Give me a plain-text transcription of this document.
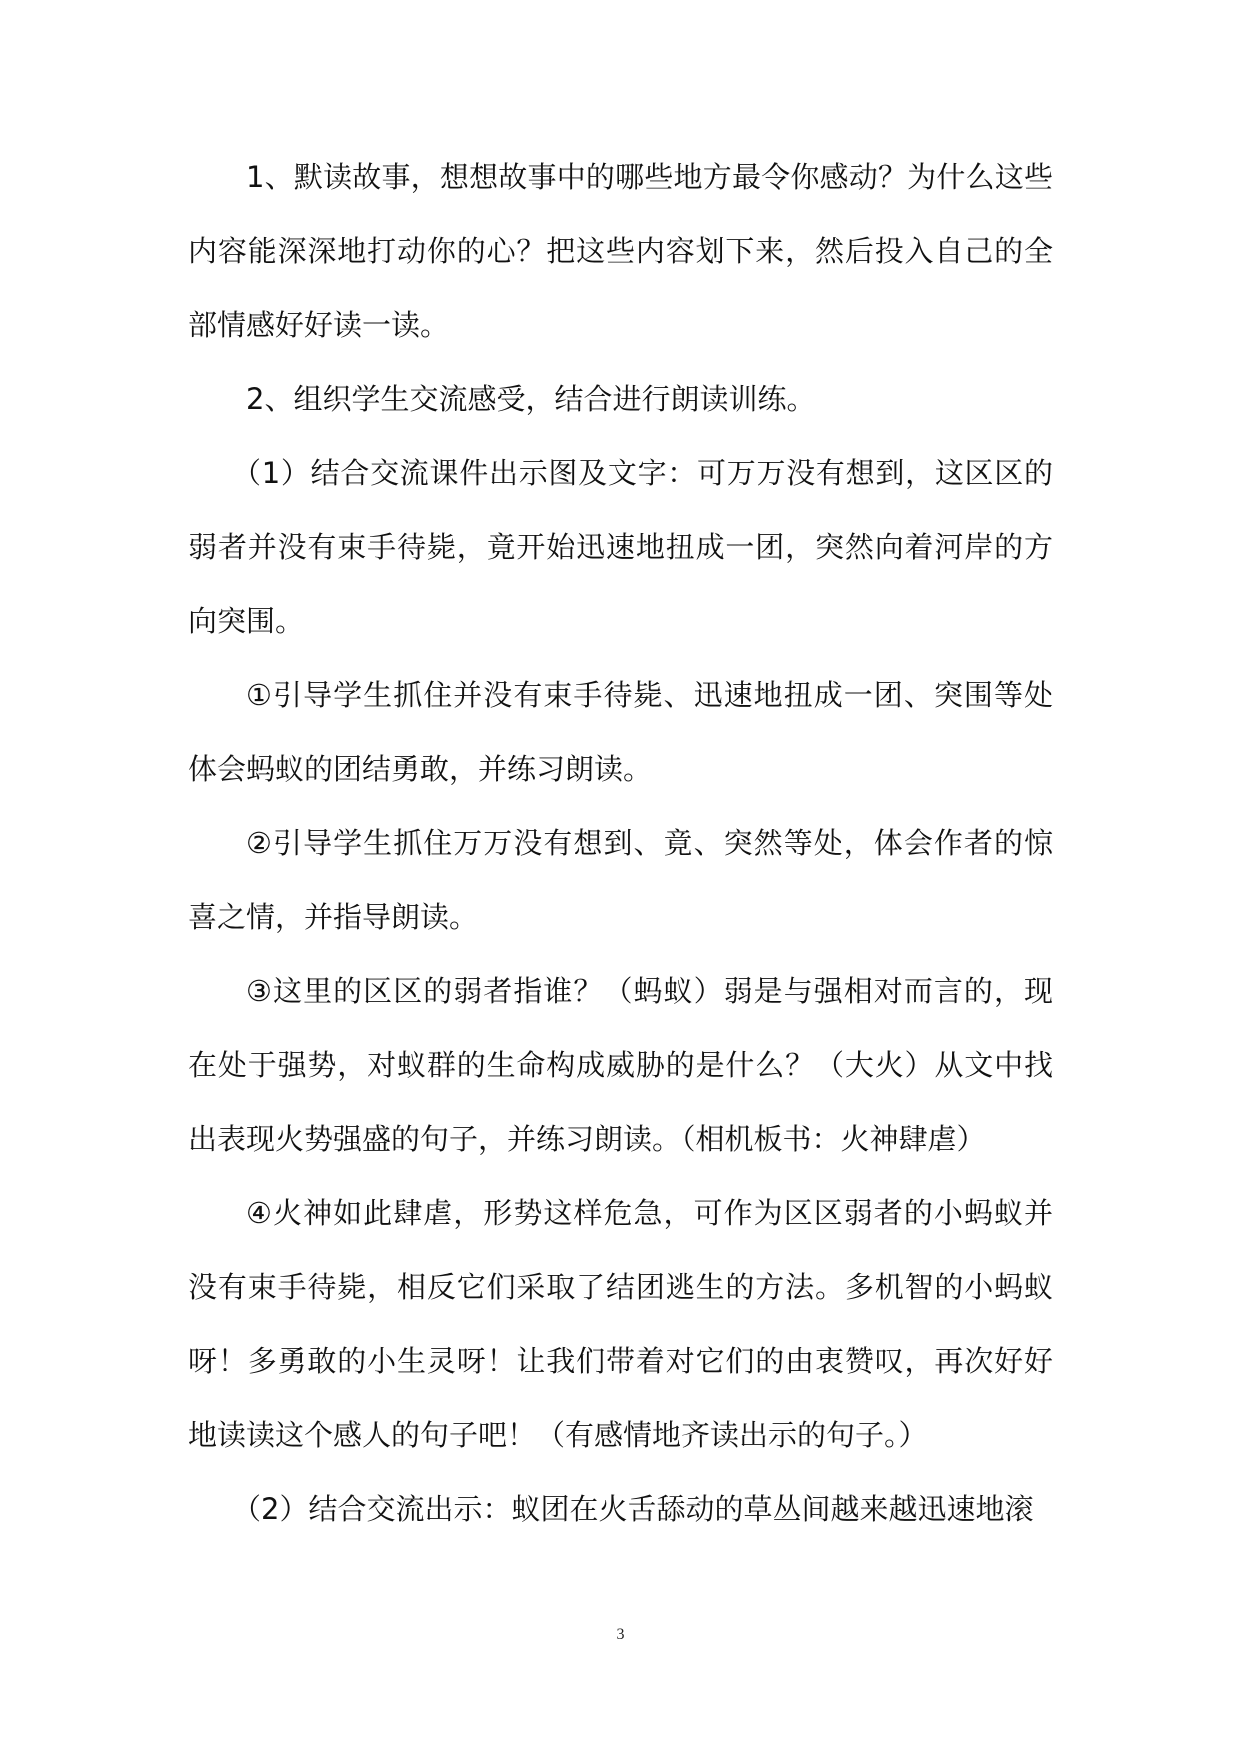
1、默读故事，想想故事中的哪些地方最令你感动？为什么这些内容能深深地打动你的心？把这些内容划下来，然后投入自己的全部情感好好读一读。

2、组织学生交流感受，结合进行朗读训练。

（1）结合交流课件出示图及文字：可万万没有想到，这区区的弱者并没有束手待毙，竟开始迅速地扭成一团，突然向着河岸的方向突围。

①引导学生抓住并没有束手待毙、迅速地扭成一团、突围等处体会蚂蚁的团结勇敢，并练习朗读。

②引导学生抓住万万没有想到、竟、突然等处，体会作者的惊喜之情，并指导朗读。

③这里的区区的弱者指谁？（蚂蚁）弱是与强相对而言的，现在处于强势，对蚁群的生命构成威胁的是什么？（大火）从文中找出表现火势强盛的句子，并练习朗读。（相机板书：火神肆虐）

④火神如此肆虐，形势这样危急，可作为区区弱者的小蚂蚁并没有束手待毙，相反它们采取了结团逃生的方法。多机智的小蚂蚁呀！多勇敢的小生灵呀！让我们带着对它们的由衷赞叹，再次好好地读读这个感人的句子吧！（有感情地齐读出示的句子。）

（2）结合交流出示：蚁团在火舌舔动的草丛间越来越迅速地滚

3
